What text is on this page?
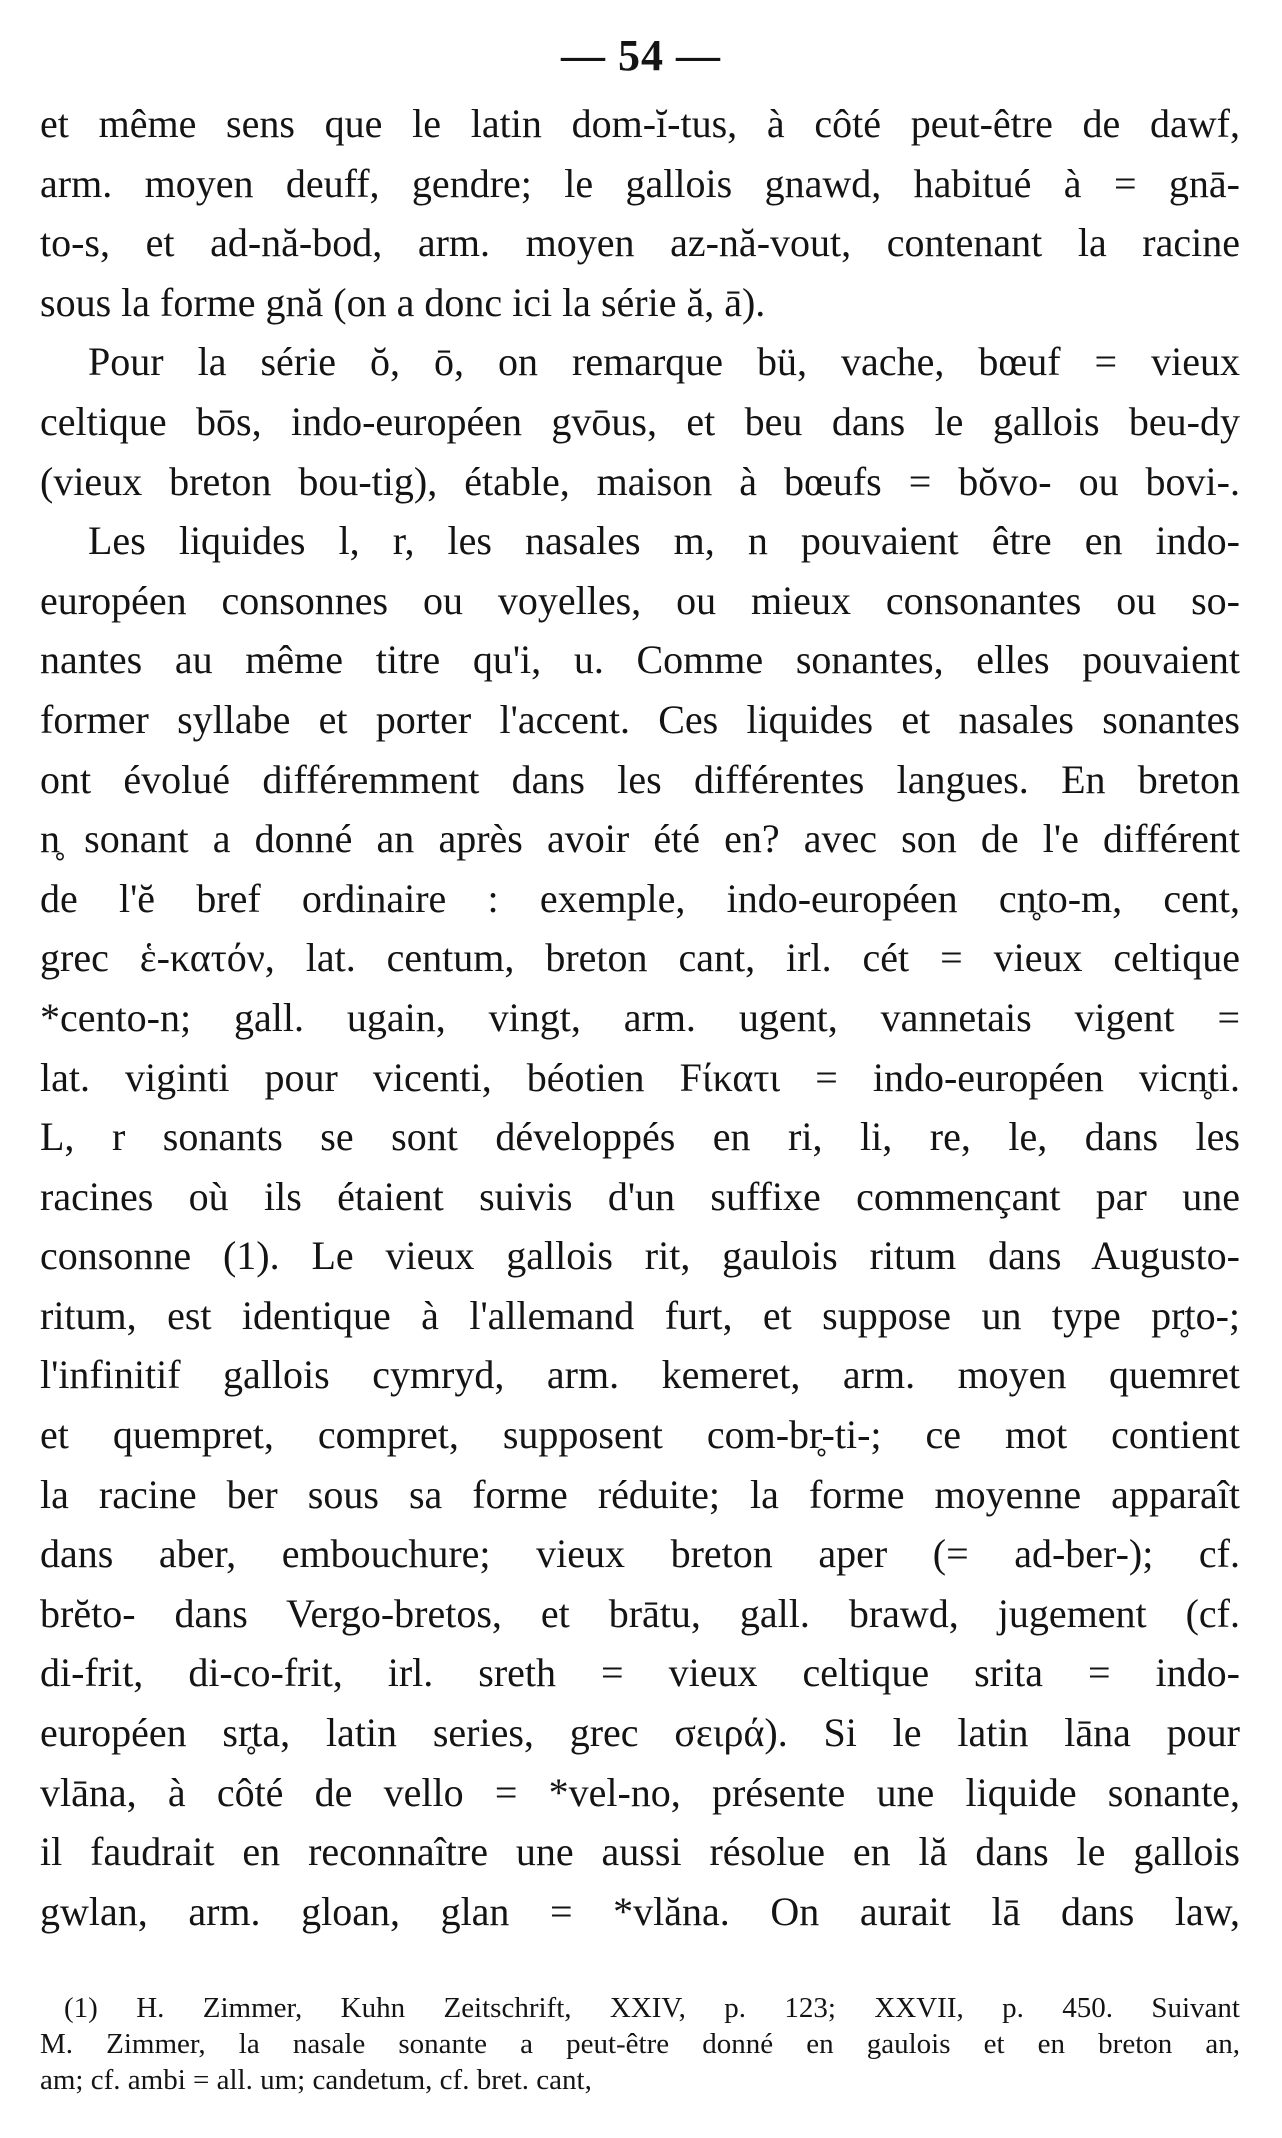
— 54 —
et même sens que le latin dom-ĭ-tus, à côté peut-être de dawf,
arm. moyen deuff, gendre; le gallois gnawd, habitué à = gnā-
to-s, et ad-nă-bod, arm. moyen az-nă-vout, contenant la racine
sous la forme gnă (on a donc ici la série ă, ā).
Pour la série ŏ, ō, on remarque bü, vache, bœuf = vieux
celtique bōs, indo-européen gvōus, et beu dans le gallois beu-dy
(vieux breton bou-tig), étable, maison à bœufs = bŏvo- ou bovi-.
Les liquides l, r, les nasales m, n pouvaient être en indo-
européen consonnes ou voyelles, ou mieux consonantes ou so-
nantes au même titre qu'i, u. Comme sonantes, elles pouvaient
former syllabe et porter l'accent. Ces liquides et nasales sonantes
ont évolué différemment dans les différentes langues. En breton
n̥ sonant a donné an après avoir été en? avec son de l'e différent
de l'ĕ bref ordinaire : exemple, indo-européen cn̥to-m, cent,
grec ἑ-κατόν, lat. centum, breton cant, irl. cét = vieux celtique
*cento-n; gall. ugain, vingt, arm. ugent, vannetais vigent =
lat. viginti pour vicenti, béotien Fίκατι = indo-européen vicn̥ti.
L, r sonants se sont développés en ri, li, re, le, dans les
racines où ils étaient suivis d'un suffixe commençant par une
consonne (1). Le vieux gallois rit, gaulois ritum dans Augusto-
ritum, est identique à l'allemand furt, et suppose un type pr̥to-;
l'infinitif gallois cymryd, arm. kemeret, arm. moyen quemret
et quempret, compret, supposent com-br̥-ti-; ce mot contient
la racine ber sous sa forme réduite; la forme moyenne apparaît
dans aber, embouchure; vieux breton aper (= ad-ber-); cf.
brĕto- dans Vergo-bretos, et brātu, gall. brawd, jugement (cf.
di-frit, di-co-frit, irl. sreth = vieux celtique srita = indo-
européen sr̥ta, latin series, grec σειρά). Si le latin lāna pour
vlāna, à côté de vello = *vel-no, présente une liquide sonante,
il faudrait en reconnaître une aussi résolue en lă dans le gallois
gwlan, arm. gloan, glan = *vlăna. On aurait lā dans law,
(1) H. Zimmer, Kuhn Zeitschrift, XXIV, p. 123; XXVII, p. 450. Suivant
M. Zimmer, la nasale sonante a peut-être donné en gaulois et en breton an,
am; cf. ambi = all. um; candetum, cf. bret. cant,
